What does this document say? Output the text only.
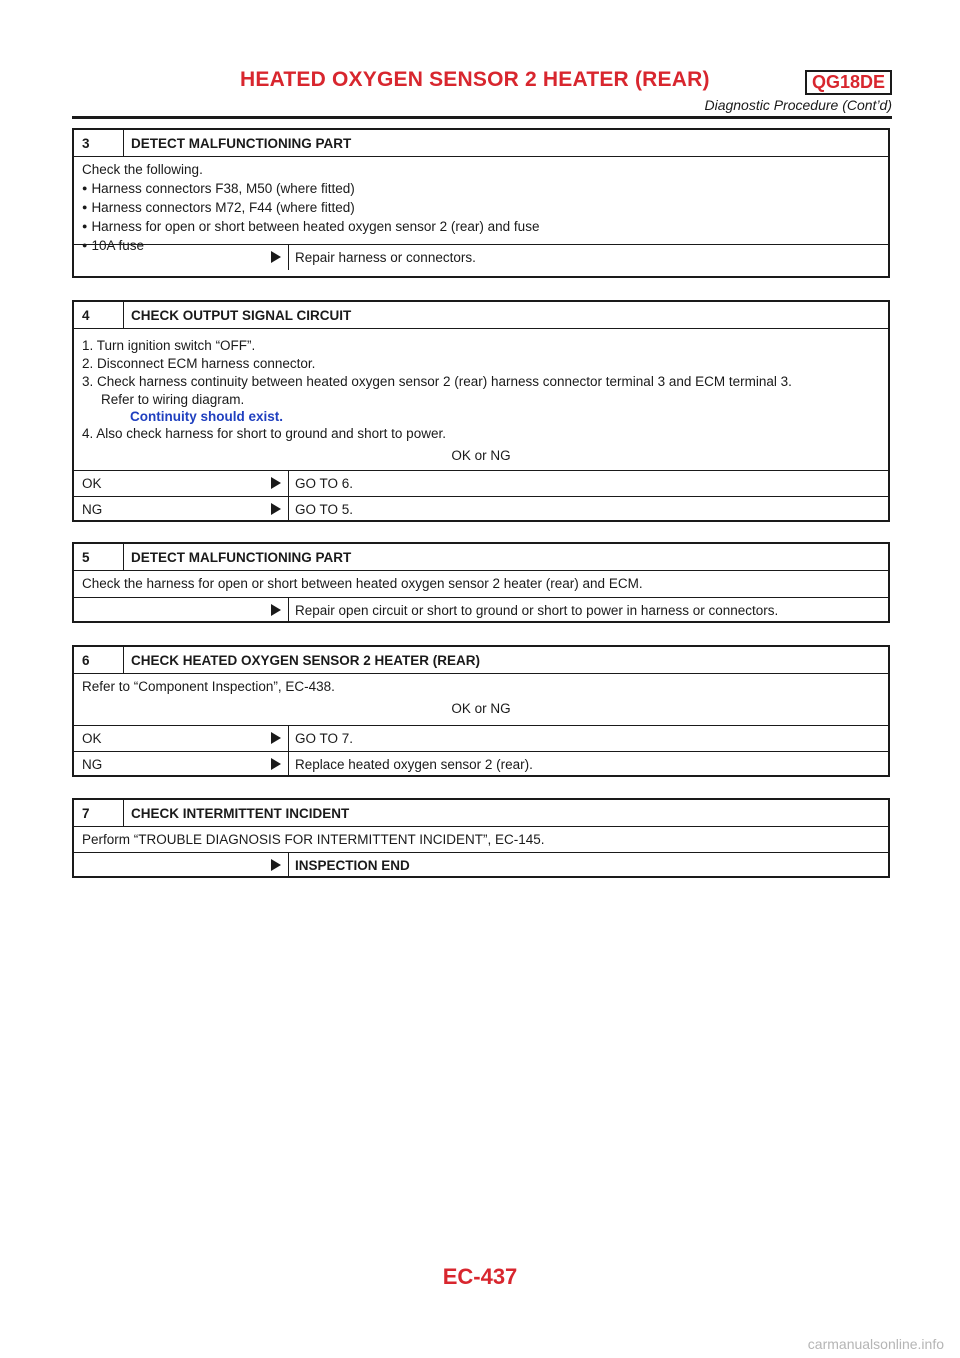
HEATED OXYGEN SENSOR 2 HEATER (REAR)	QG18DE
Diagnostic Procedure (Cont’d)
3	DETECT MALFUNCTIONING PART
Check the following.
● Harness connectors F38, M50 (where fitted)
● Harness connectors M72, F44 (where fitted)
● Harness for open or short between heated oxygen sensor 2 (rear) and fuse
● 10A fuse
Repair harness or connectors.
4	CHECK OUTPUT SIGNAL CIRCUIT
1. Turn ignition switch “OFF”.
2. Disconnect ECM harness connector.
3. Check harness continuity between heated oxygen sensor 2 (rear) harness connector terminal 3 and ECM terminal 3.
Refer to wiring diagram.
Continuity should exist.
4. Also check harness for short to ground and short to power.
OK or NG
OK	GO TO 6.
NG	GO TO 5.
5	DETECT MALFUNCTIONING PART
Check the harness for open or short between heated oxygen sensor 2 heater (rear) and ECM.
Repair open circuit or short to ground or short to power in harness or connectors.
6	CHECK HEATED OXYGEN SENSOR 2 HEATER (REAR)
Refer to “Component Inspection”, EC-438.
OK or NG
OK	GO TO 7.
NG	Replace heated oxygen sensor 2 (rear).
7	CHECK INTERMITTENT INCIDENT
Perform “TROUBLE DIAGNOSIS FOR INTERMITTENT INCIDENT”, EC-145.
INSPECTION END
EC-437
carmanualsonline.info
